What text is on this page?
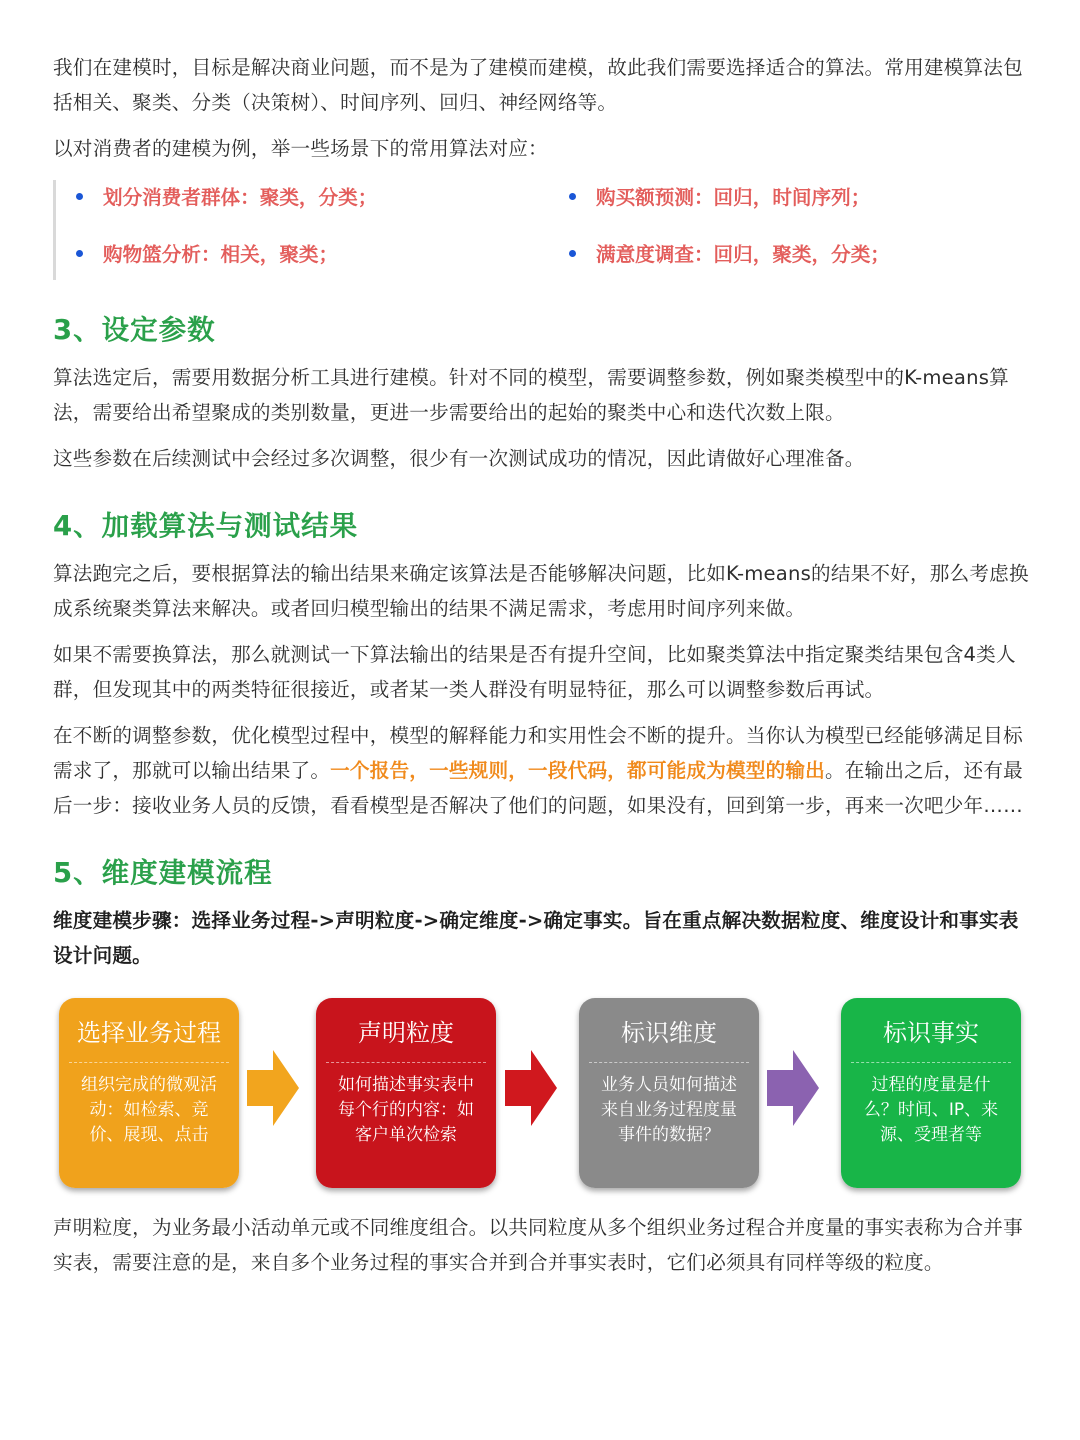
我们在建模时，目标是解决商业问题，而不是为了建模而建模，故此我们需要选择适合的算法。常用建模算法包括相关、聚类、分类（决策树）、时间序列、回归、神经网络等。

以对消费者的建模为例，举一些场景下的常用算法对应：

划分消费者群体：聚类，分类；	购买额预测：回归，时间序列；
购物篮分析：相关，聚类；	满意度调查：回归，聚类，分类；
3、设定参数

算法选定后，需要用数据分析工具进行建模。针对不同的模型，需要调整参数，例如聚类模型中的K-means算法，需要给出希望聚成的类别数量，更进一步需要给出的起始的聚类中心和迭代次数上限。

这些参数在后续测试中会经过多次调整，很少有一次测试成功的情况，因此请做好心理准备。

4、加载算法与测试结果

算法跑完之后，要根据算法的输出结果来确定该算法是否能够解决问题，比如K-means的结果不好，那么考虑换成系统聚类算法来解决。或者回归模型输出的结果不满足需求，考虑用时间序列来做。

如果不需要换算法，那么就测试一下算法输出的结果是否有提升空间，比如聚类算法中指定聚类结果包含4类人群，但发现其中的两类特征很接近，或者某一类人群没有明显特征，那么可以调整参数后再试。

在不断的调整参数，优化模型过程中，模型的解释能力和实用性会不断的提升。当你认为模型已经能够满足目标需求了，那就可以输出结果了。一个报告，一些规则，一段代码，都可能成为模型的输出。在输出之后，还有最后一步：接收业务人员的反馈，看看模型是否解决了他们的问题，如果没有，回到第一步，再来一次吧少年……

5、维度建模流程

维度建模步骤：选择业务过程->声明粒度->确定维度->确定事实。旨在重点解决数据粒度、维度设计和事实表设计问题。

选择业务过程
组织完成的微观活动：如检索、竞价、展现、点击
声明粒度
如何描述事实表中每个行的内容：如客户单次检索
标识维度
业务人员如何描述来自业务过程度量事件的数据？
标识事实
过程的度量是什么？时间、IP、来源、受理者等

声明粒度，为业务最小活动单元或不同维度组合。以共同粒度从多个组织业务过程合并度量的事实表称为合并事实表，需要注意的是，来自多个业务过程的事实合并到合并事实表时，它们必须具有同样等级的粒度。
